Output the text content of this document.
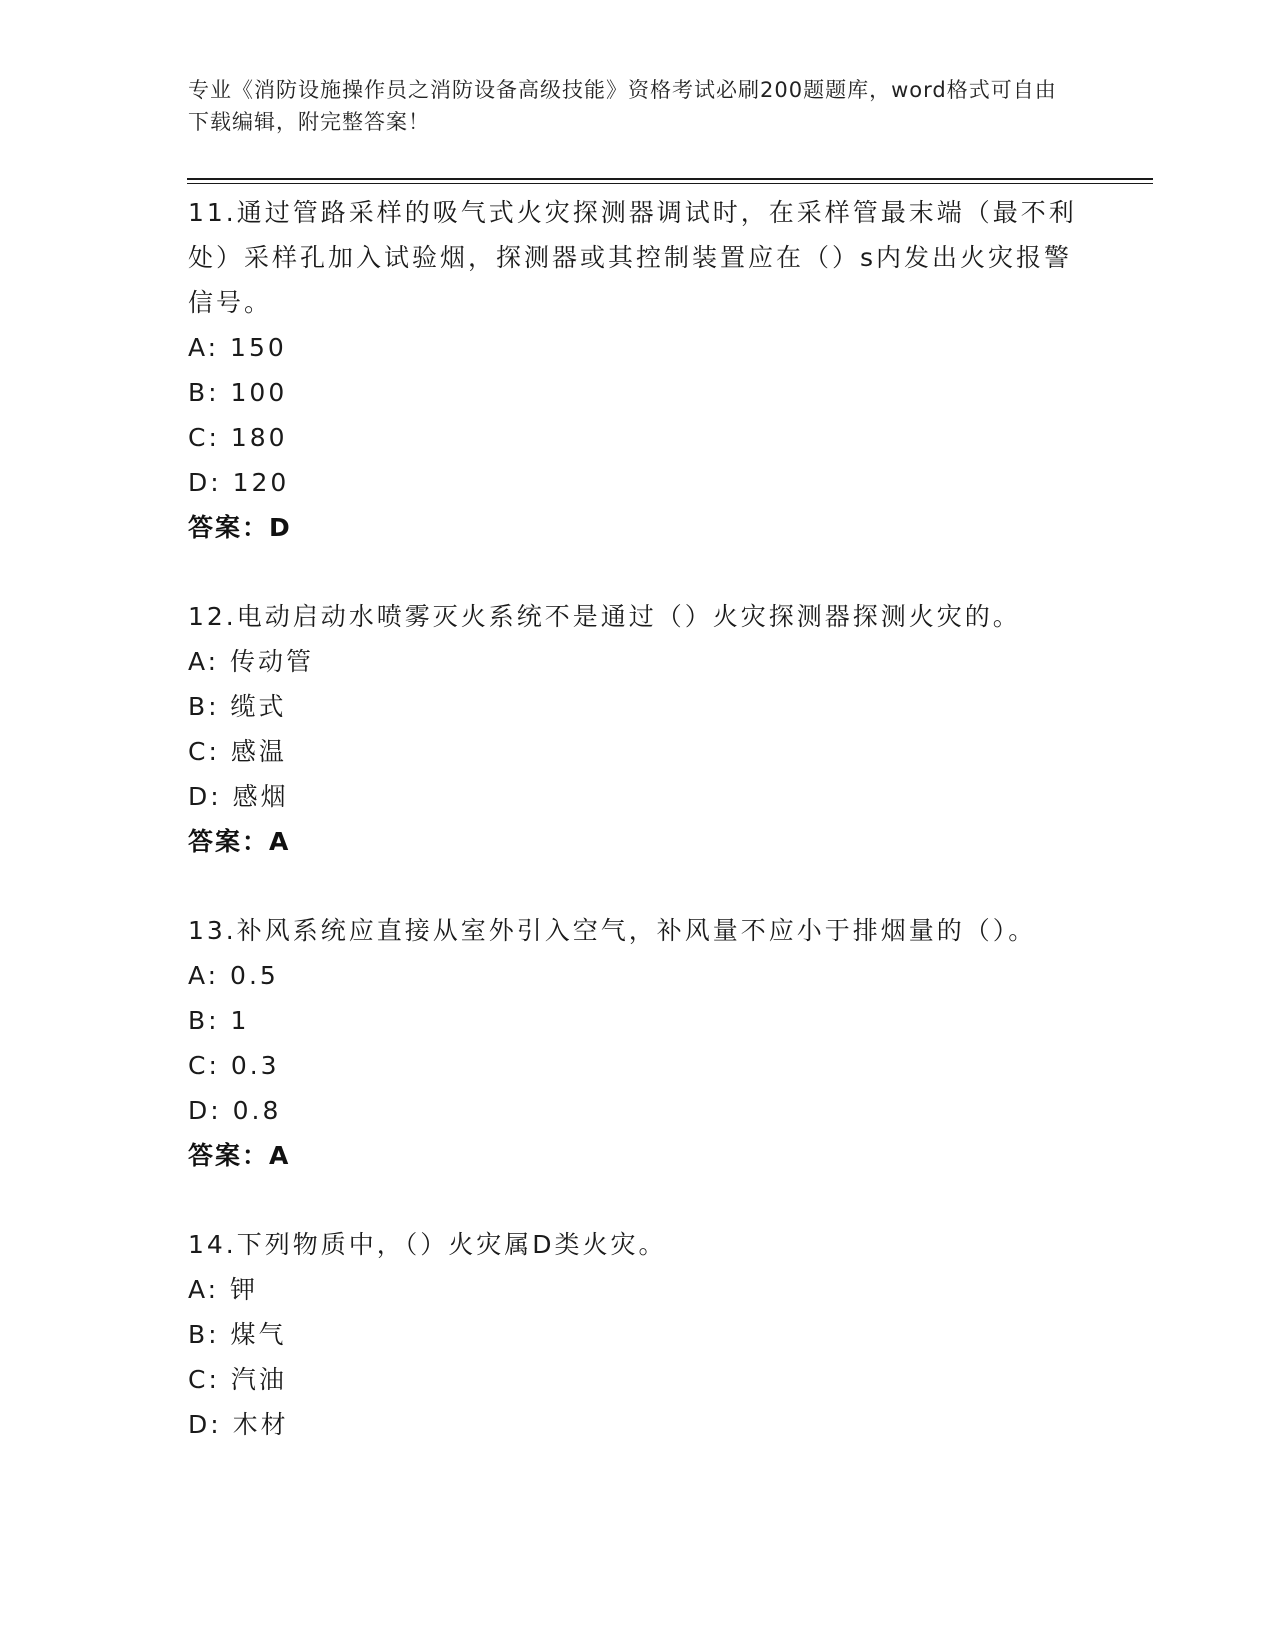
专业《消防设施操作员之消防设备高级技能》资格考试必刷200题题库，word格式可自由下载编辑，附完整答案！
11.通过管路采样的吸气式火灾探测器调试时，在采样管最末端（最不利处）采样孔加入试验烟，探测器或其控制装置应在（）s内发出火灾报警信号。
A: 150
B: 100
C: 180
D: 120
答案：D
12.电动启动水喷雾灭火系统不是通过（）火灾探测器探测火灾的。
A: 传动管
B: 缆式
C: 感温
D: 感烟
答案：A
13.补风系统应直接从室外引入空气，补风量不应小于排烟量的（）。
A: 0.5
B: 1
C: 0.3
D: 0.8
答案：A
14.下列物质中，（）火灾属D类火灾。
A: 钾
B: 煤气
C: 汽油
D: 木材
